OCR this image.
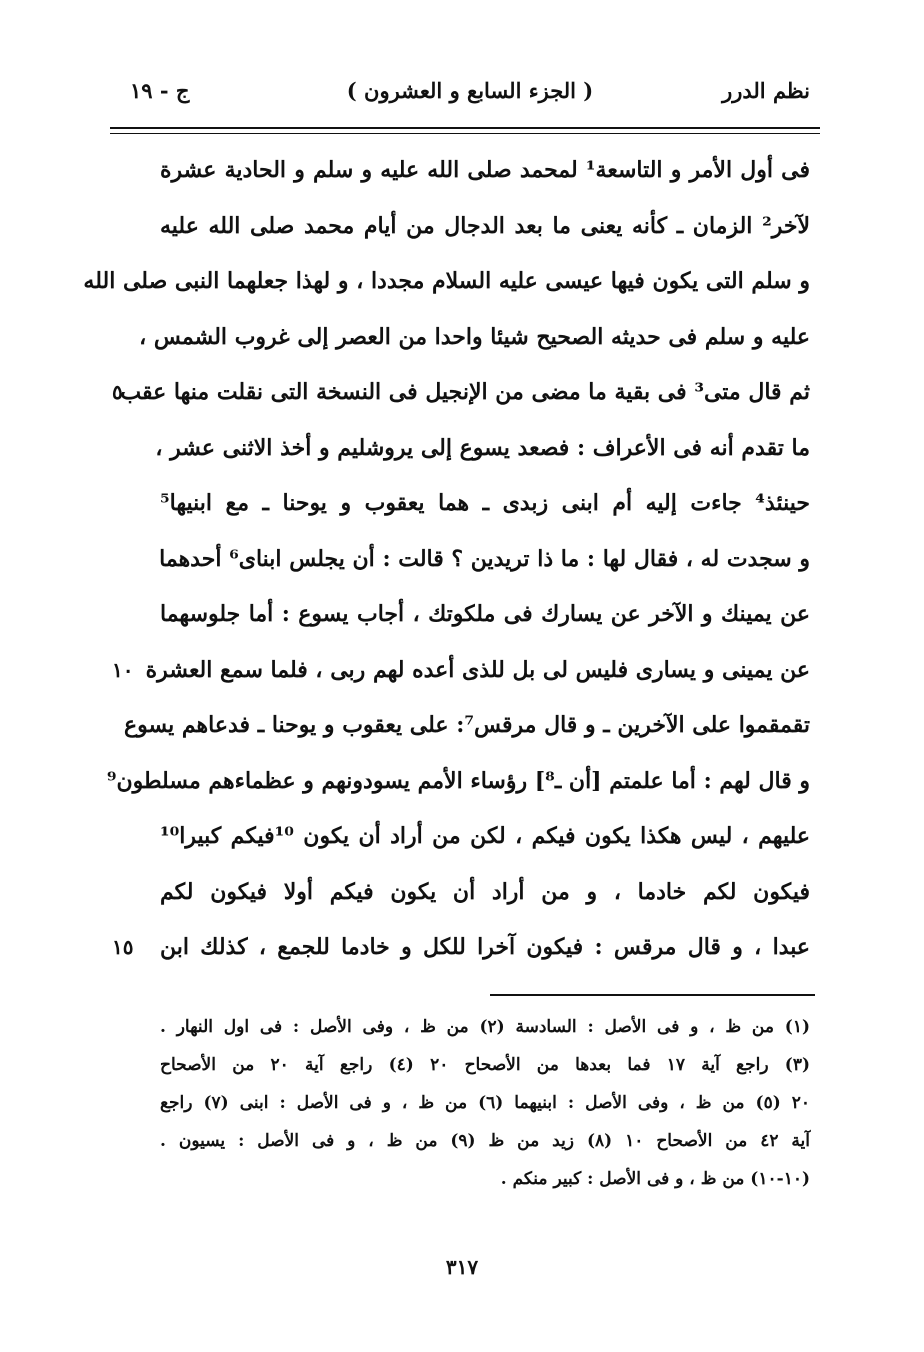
نظم الدرر
( الجزء السابع و العشرون )
ج - ١٩
فى أول الأمر و التاسعة¹ لمحمد صلى الله عليه و سلم و الحادية عشرة
لآخر² الزمان ـ كأنه يعنى ما بعد الدجال من أيام محمد صلى الله عليه
و سلم التى يكون فيها عيسى عليه السلام مجددا ، و لهذا جعلهما النبى صلى الله
عليه و سلم فى حديثه الصحيح شيئا واحدا من العصر إلى غروب الشمس ،
ثم قال متى³ فى بقية ما مضى من الإنجيل فى النسخة التى نقلت منها عقب
٥
ما تقدم أنه فى الأعراف : فصعد يسوع إلى يروشليم و أخذ الاثنى عشر ،
حينئذ⁴ جاءت إليه أم ابنى زبدى ـ هما يعقوب و يوحنا ـ مع ابنيها⁵
و سجدت له ، فقال لها : ما ذا تريدين ؟ قالت : أن يجلس ابناى⁶ أحدهما
عن يمينك و الآخر عن يسارك فى ملكوتك ، أجاب يسوع : أما جلوسهما
عن يمينى و يسارى فليس لى بل للذى أعده لهم ربى ، فلما سمع العشرة
١٠
تقمقموا على الآخرين ـ و قال مرقس⁷: على يعقوب و يوحنا ـ فدعاهم يسوع
و قال لهم : أما علمتم [أن ـ⁸] رؤساء الأمم يسودونهم و عظماءهم مسلطون⁹
عليهم ، ليس هكذا يكون فيكم ، لكن من أراد أن يكون ¹⁰فيكم كبيرا¹⁰
فيكون لكم خادما ، و من أراد أن يكون فيكم أولا فيكون لكم
عبدا ، و قال مرقس : فيكون آخرا للكل و خادما للجمع ، كذلك ابن
١٥
(١) من ظ ، و فى الأصل : السادسة (٢) من ظ ، وفى الأصل : فى اول النهار .
(٣) راجع آية ١٧ فما بعدها من الأصحاح ٢٠ (٤) راجع آية ٢٠ من الأصحاح
٢٠ (٥) من ظ ، وفى الأصل : ابنيهما (٦) من ظ ، و فى الأصل : ابنى (٧) راجع
آية ٤٢ من الأصحاح ١٠ (٨) زيد من ظ (٩) من ظ ، و فى الأصل : يسيون .
(١٠-١٠) من ظ ، و فى الأصل : كبير منكم .
٣١٧
